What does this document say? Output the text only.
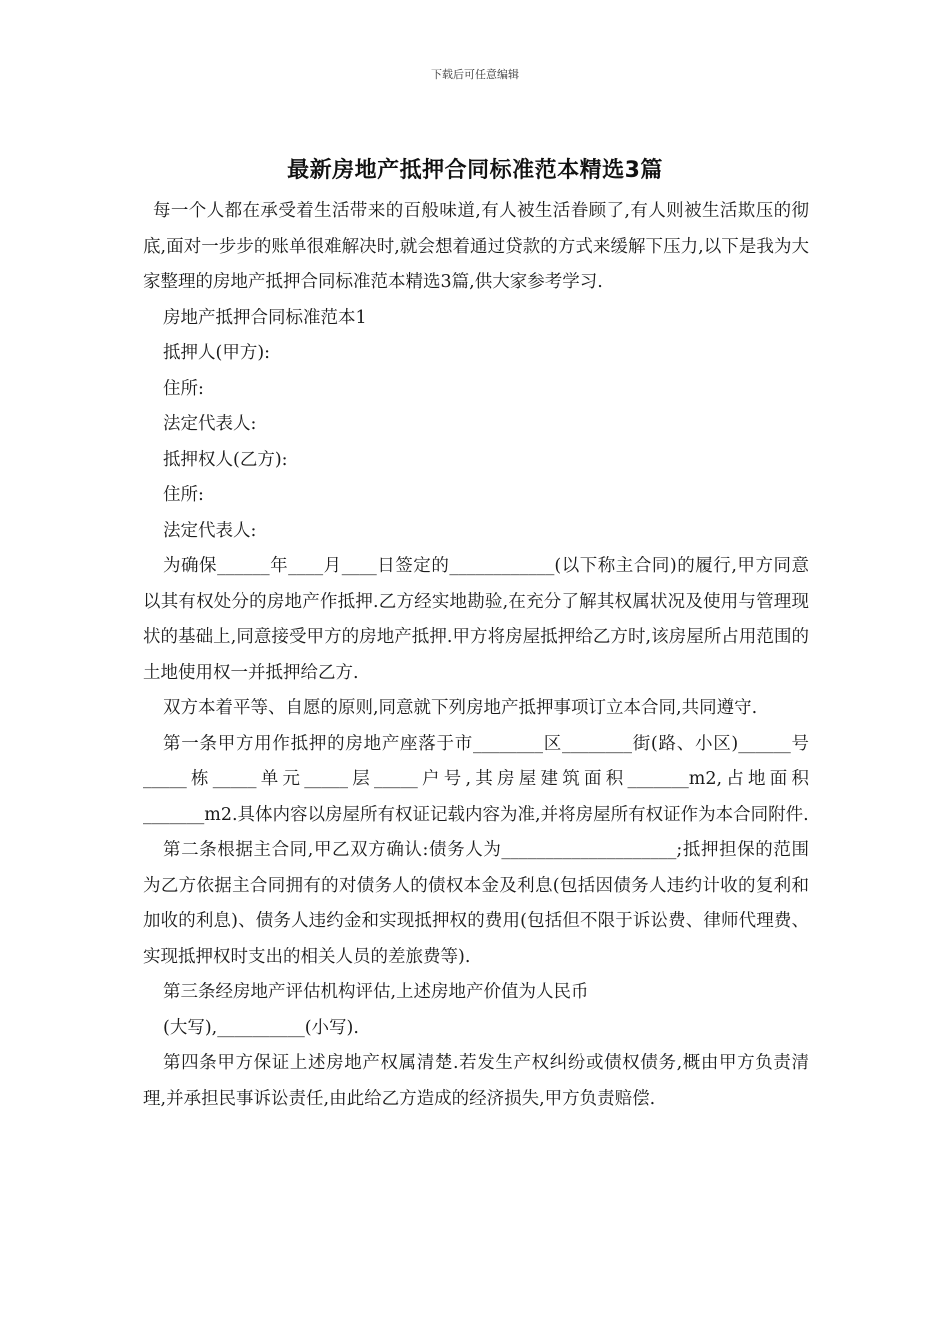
下载后可任意编辑
最新房地产抵押合同标准范本精选3篇

每一个人都在承受着生活带来的百般味道,有人被生活眷顾了,有人则被生活欺压的彻底,面对一步步的账单很难解决时,就会想着通过贷款的方式来缓解下压力,以下是我为大家整理的房地产抵押合同标准范本精选3篇,供大家参考学习.

房地产抵押合同标准范本1

抵押人(甲方):

住所:

法定代表人:

抵押权人(乙方):

住所:

法定代表人:

为确保______年____月____日签定的____________(以下称主合同)的履行,甲方同意以其有权处分的房地产作抵押.乙方经实地勘验,在充分了解其权属状况及使用与管理现状的基础上,同意接受甲方的房地产抵押.甲方将房屋抵押给乙方时,该房屋所占用范围的土地使用权一并抵押给乙方.

双方本着平等、自愿的原则,同意就下列房地产抵押事项订立本合同,共同遵守.

第一条甲方用作抵押的房地产座落于市________区________街(路、小区)______号_____栋_____单元_____层_____户号,其房屋建筑面积_______m2,占地面积_______m2.具体内容以房屋所有权证记载内容为准,并将房屋所有权证作为本合同附件.

第二条根据主合同,甲乙双方确认:债务人为____________________;抵押担保的范围为乙方依据主合同拥有的对债务人的债权本金及利息(包括因债务人违约计收的复利和加收的利息)、债务人违约金和实现抵押权的费用(包括但不限于诉讼费、律师代理费、实现抵押权时支出的相关人员的差旅费等).

第三条经房地产评估机构评估,上述房地产价值为人民币

(大写),__________(小写).

第四条甲方保证上述房地产权属清楚.若发生产权纠纷或债权债务,概由甲方负责清理,并承担民事诉讼责任,由此给乙方造成的经济损失,甲方负责赔偿.
